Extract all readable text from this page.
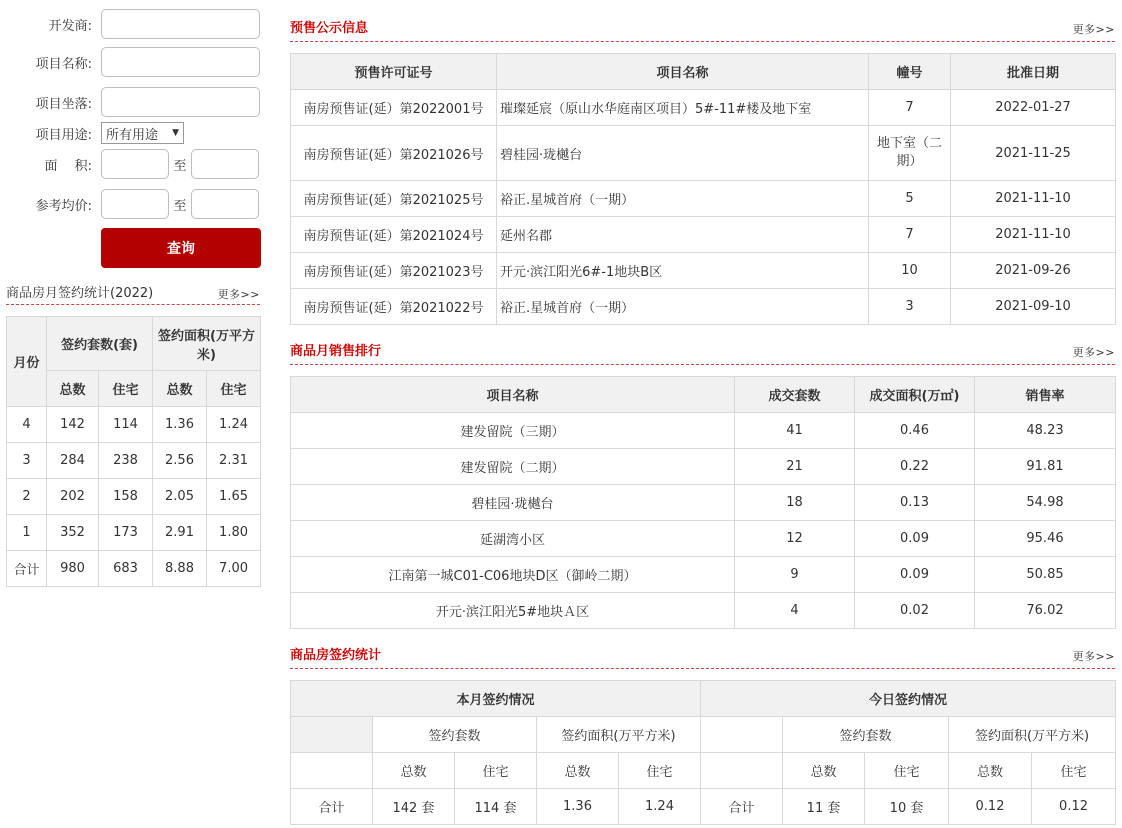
开发商:
项目名称:
项目坐落:
项目用途: 所有用途 ▼
面　 积:	至
参考均价:	至
查询
商品房月签约统计(2022)	更多>>
月份	签约套数(套)		签约面积(万平方米)	
	总数	住宅	总数	住宅
4	142	114	1.36	1.24
3	284	238	2.56	2.31
2	202	158	2.05	1.65
1	352	173	2.91	1.80
合计	980	683	8.88	7.00
预售公示信息	更多>>
预售许可证号	项目名称	幢号	批准日期
南房预售证(延）第2022001号	璀璨延宸（原山水华庭南区项目）5#-11#楼及地下室	7	2022-01-27
南房预售证(延）第2021026号	碧桂园·珑樾台	地下室（二期）	2021-11-25
南房预售证(延）第2021025号	裕正.星城首府（一期）	5	2021-11-10
南房预售证(延）第2021024号	延州名郡	7	2021-11-10
南房预售证(延）第2021023号	开元·滨江阳光6#-1地块B区	10	2021-09-26
南房预售证(延）第2021022号	裕正.星城首府（一期）	3	2021-09-10
商品月销售排行	更多>>
项目名称	成交套数	成交面积(万㎡)	销售率
建发留院（三期）	41	0.46	48.23
建发留院（二期）	21	0.22	91.81
碧桂园·珑樾台	18	0.13	54.98
延湖湾小区	12	0.09	95.46
江南第一城C01-C06地块D区（御岭二期）	9	0.09	50.85
开元·滨江阳光5#地块Ａ区	4	0.02	76.02
商品房签约统计	更多>>
本月签约情况					今日签约情况				
	签约套数		签约面积(万平方米)			签约套数		签约面积(万平方米)	
	总数	住宅	总数	住宅		总数	住宅	总数	住宅
合计	142 套	114 套	1.36	1.24	合计	11 套	10 套	0.12	0.12
